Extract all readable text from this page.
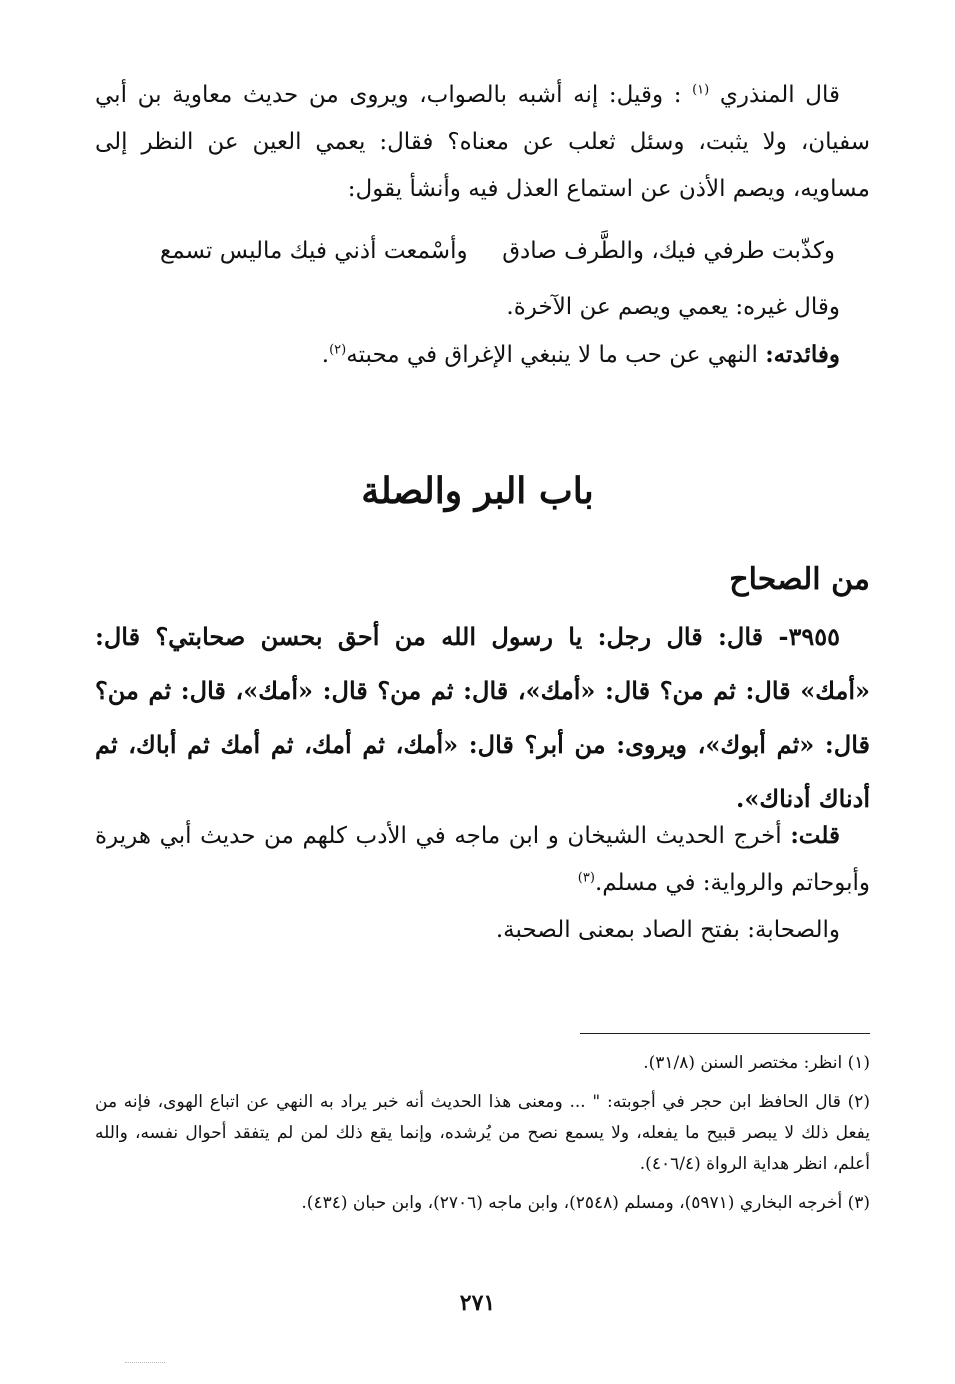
قال المنذري $^{(١)}$ : وقيل: إنه أشبه بالصواب، ويروى من حديث معاوية بن أبي سفيان، ولا يثبت، وسئل ثعلب عن معناه؟ فقال: يعمي العين عن النظر إلى مساويه، ويصم الأذن عن استماع العذل فيه وأنشأ يقول:

وكذّبت طرفي فيك، والطَّرف صادق
وأسْمعت أذني فيك ماليس تسمع

وقال غيره: يعمي ويصم عن الآخرة.

وفائدته: النهي عن حب ما لا ينبغي الإغراق في محبته$^{(٢)}$.

باب البر والصلة
من الصحاح

٣٩٥٥- قال: قال رجل: يا رسول الله من أحق بحسن صحابتي؟ قال: «أمك» قال: ثم من؟ قال: «أمك»، قال: ثم من؟ قال: «أمك»، قال: ثم من؟ قال: «ثم أبوك»، ويروى: من أبر؟ قال: «أمك، ثم أمك، ثم أمك ثم أباك، ثم أدناك أدناك».

قلت: أخرج الحديث الشيخان و ابن ماجه في الأدب كلهم من حديث أبي هريرة وأبوحاتم والرواية: في مسلم.$^{(٣)}$

والصحابة: بفتح الصاد بمعنى الصحبة.

(١) انظر: مختصر السنن (٣١/٨).

(٢) قال الحافظ ابن حجر في أجوبته: " ... ومعنى هذا الحديث أنه خبر يراد به النهي عن اتباع الهوى، فإنه من يفعل ذلك لا يبصر قبيح ما يفعله، ولا يسمع نصح من يُرشده، وإنما يقع ذلك لمن لم يتفقد أحوال نفسه، والله أعلم، انظر هداية الرواة (٤٠٦/٤).

(٣) أخرجه البخاري (٥٩٧١)، ومسلم (٢٥٤٨)، وابن ماجه (٢٧٠٦)، وابن حبان (٤٣٤).

٢٧١
